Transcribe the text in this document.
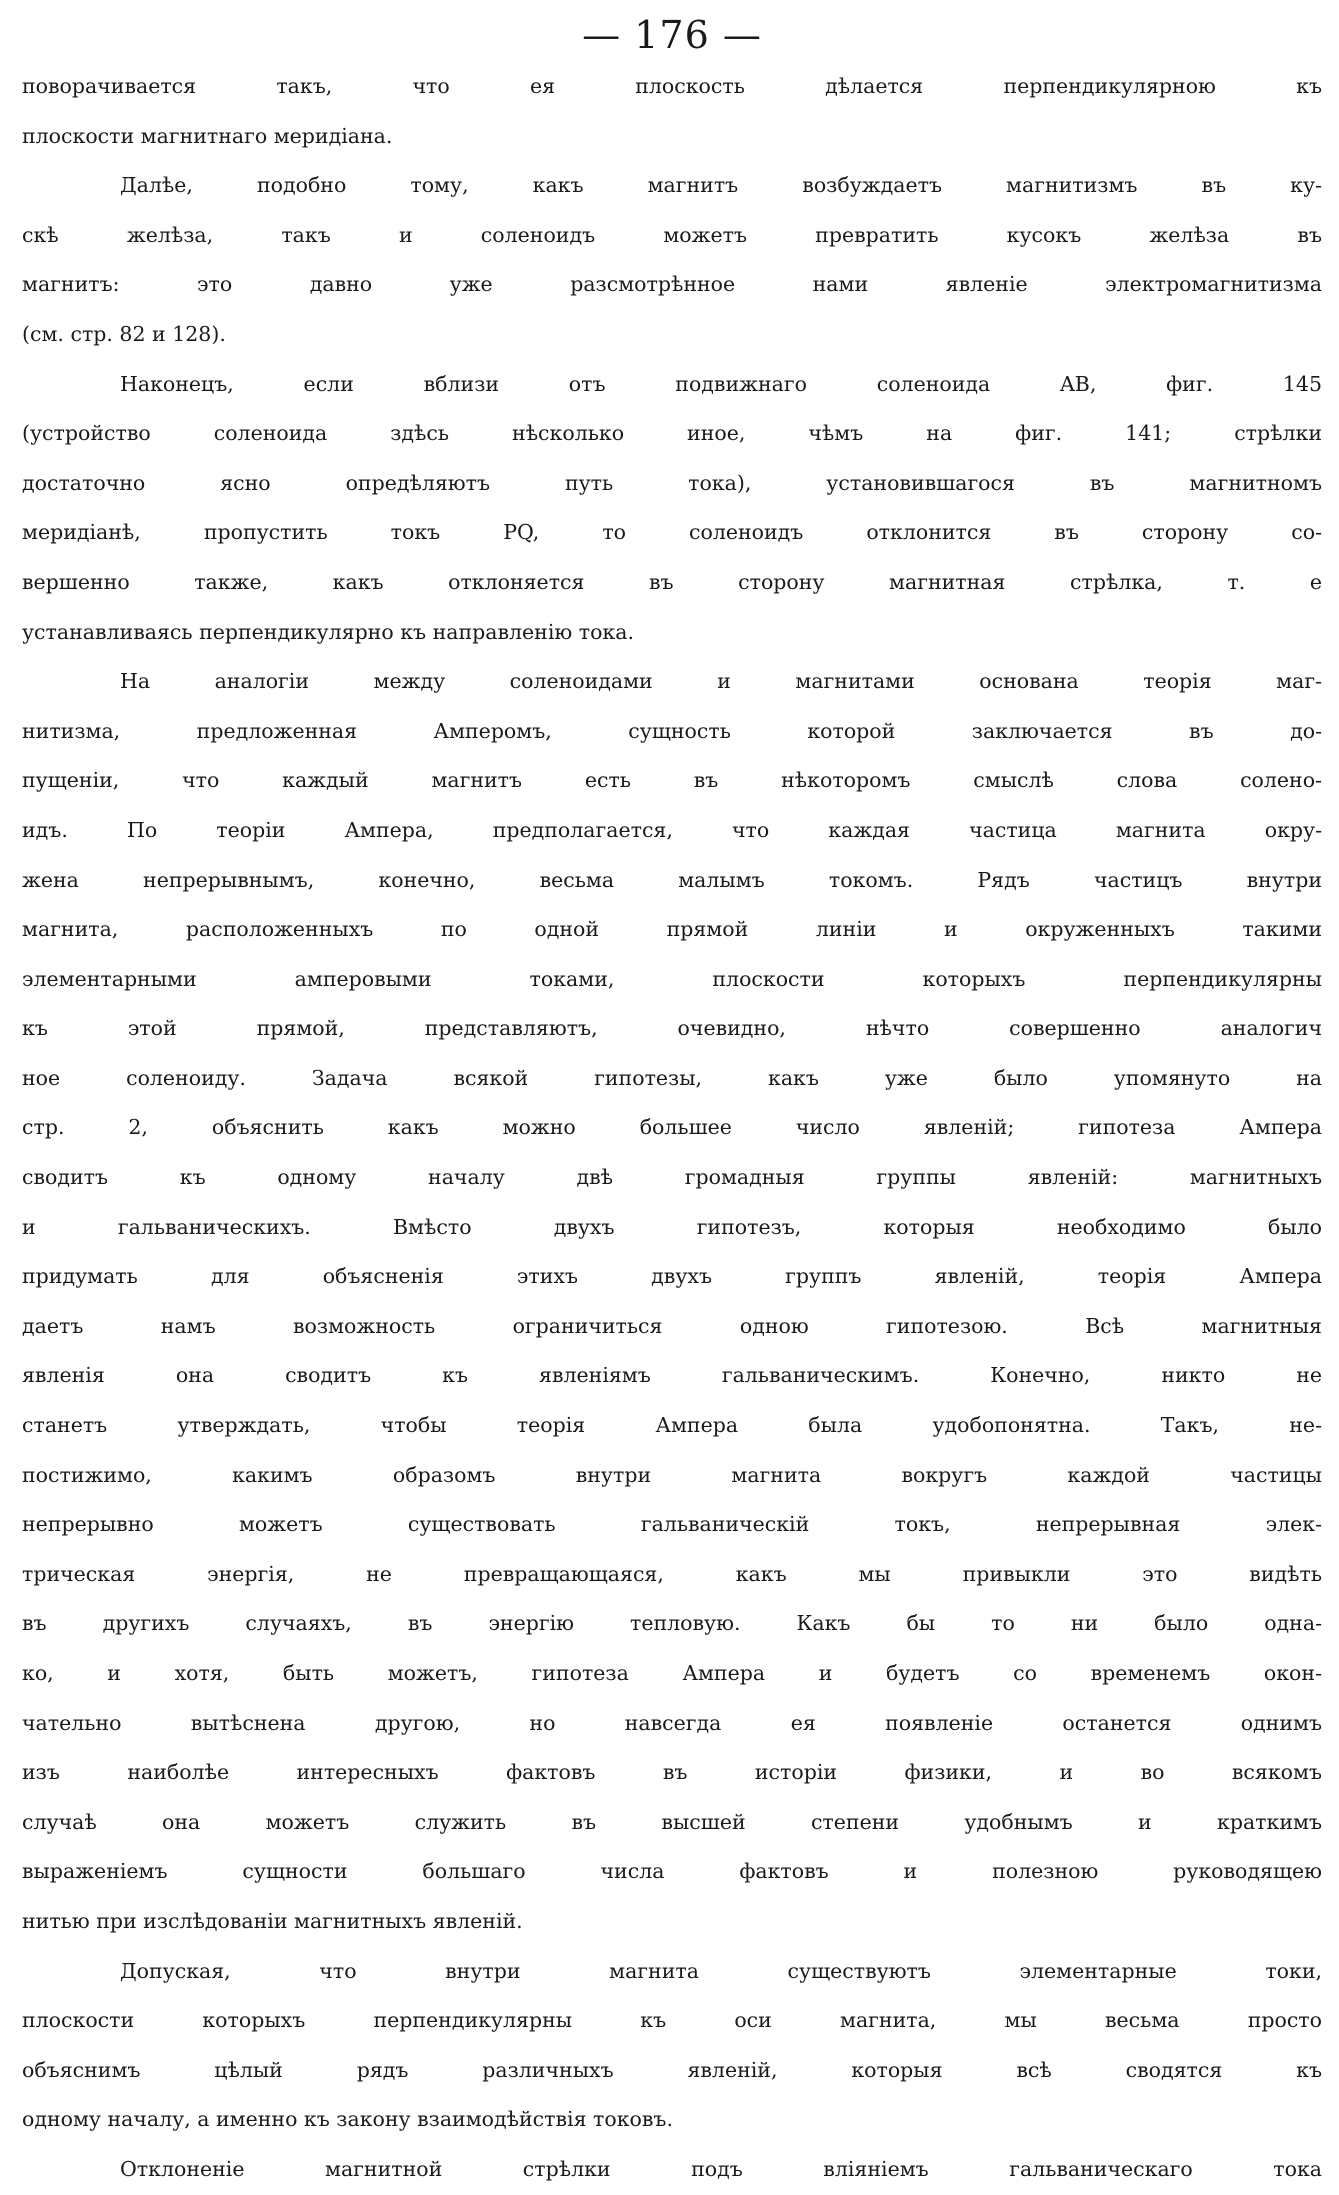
— 176 —
поворачивается такъ, что ея плоскость дѣлается перпендикулярною къ
плоскости магнитнаго меридіана.
Далѣе, подобно тому, какъ магнитъ возбуждаетъ магнитизмъ въ ку-
скѣ желѣза, такъ и соленоидъ можетъ превратить кусокъ желѣза въ
магнитъ: это давно уже разсмотрѣнное нами явленіе электромагнитизма
(см. стр. 82 и 128).
Наконецъ, если вблизи отъ подвижнаго соленоида AB, фиг. 145
(устройство соленоида здѣсь нѣсколько иное, чѣмъ на фиг. 141; стрѣлки
достаточно ясно опредѣляютъ путь тока), установившагося въ магнитномъ
меридіанѣ, пропустить токъ PQ, то соленоидъ отклонится въ сторону со-
вершенно также, какъ отклоняется въ сторону магнитная стрѣлка, т. е
устанавливаясь перпендикулярно къ направленію тока.
На аналогіи между соленоидами и магнитами основана теорія маг-
нитизма, предложенная Амперомъ, сущность которой заключается въ до-
пущеніи, что каждый магнитъ есть въ нѣкоторомъ смыслѣ слова солено-
идъ. По теоріи Ампера, предполагается, что каждая частица магнита окру-
жена непрерывнымъ, конечно, весьма малымъ токомъ. Рядъ частицъ внутри
магнита, расположенныхъ по одной прямой линіи и окруженныхъ такими
элементарными амперовыми токами, плоскости которыхъ перпендикулярны
къ этой прямой, представляютъ, очевидно, нѣчто совершенно аналогич
ное соленоиду. Задача всякой гипотезы, какъ уже было упомянуто на
стр. 2, объяснить какъ можно большее число явленій; гипотеза Ампера
сводитъ къ одному началу двѣ громадныя группы явленій: магнитныхъ
и гальваническихъ. Вмѣсто двухъ гипотезъ, которыя необходимо было
придумать для объясненія этихъ двухъ группъ явленій, теорія Ампера
даетъ намъ возможность ограничиться одною гипотезою. Всѣ магнитныя
явленія она сводитъ къ явленіямъ гальваническимъ. Конечно, никто не
станетъ утверждать, чтобы теорія Ампера была удобопонятна. Такъ, не-
постижимо, какимъ образомъ внутри магнита вокругъ каждой частицы
непрерывно можетъ существовать гальваническій токъ, непрерывная элек-
трическая энергія, не превращающаяся, какъ мы привыкли это видѣть
въ другихъ случаяхъ, въ энергію тепловую. Какъ бы то ни было одна-
ко, и хотя, быть можетъ, гипотеза Ампера и будетъ со временемъ окон-
чательно вытѣснена другою, но навсегда ея появленіе останется однимъ
изъ наиболѣе интересныхъ фактовъ въ исторіи физики, и во всякомъ
случаѣ она можетъ служить въ высшей степени удобнымъ и краткимъ
выраженіемъ сущности большаго числа фактовъ и полезною руководящею
нитью при изслѣдованіи магнитныхъ явленій.
Допуская, что внутри магнита существуютъ элементарные токи,
плоскости которыхъ перпендикулярны къ оси магнита, мы весьма просто
объяснимъ цѣлый рядъ различныхъ явленій, которыя всѣ сводятся къ
одному началу, а именно къ закону взаимодѣйствія токовъ.
Отклоненіе магнитной стрѣлки подъ вліяніемъ гальваническаго тока
